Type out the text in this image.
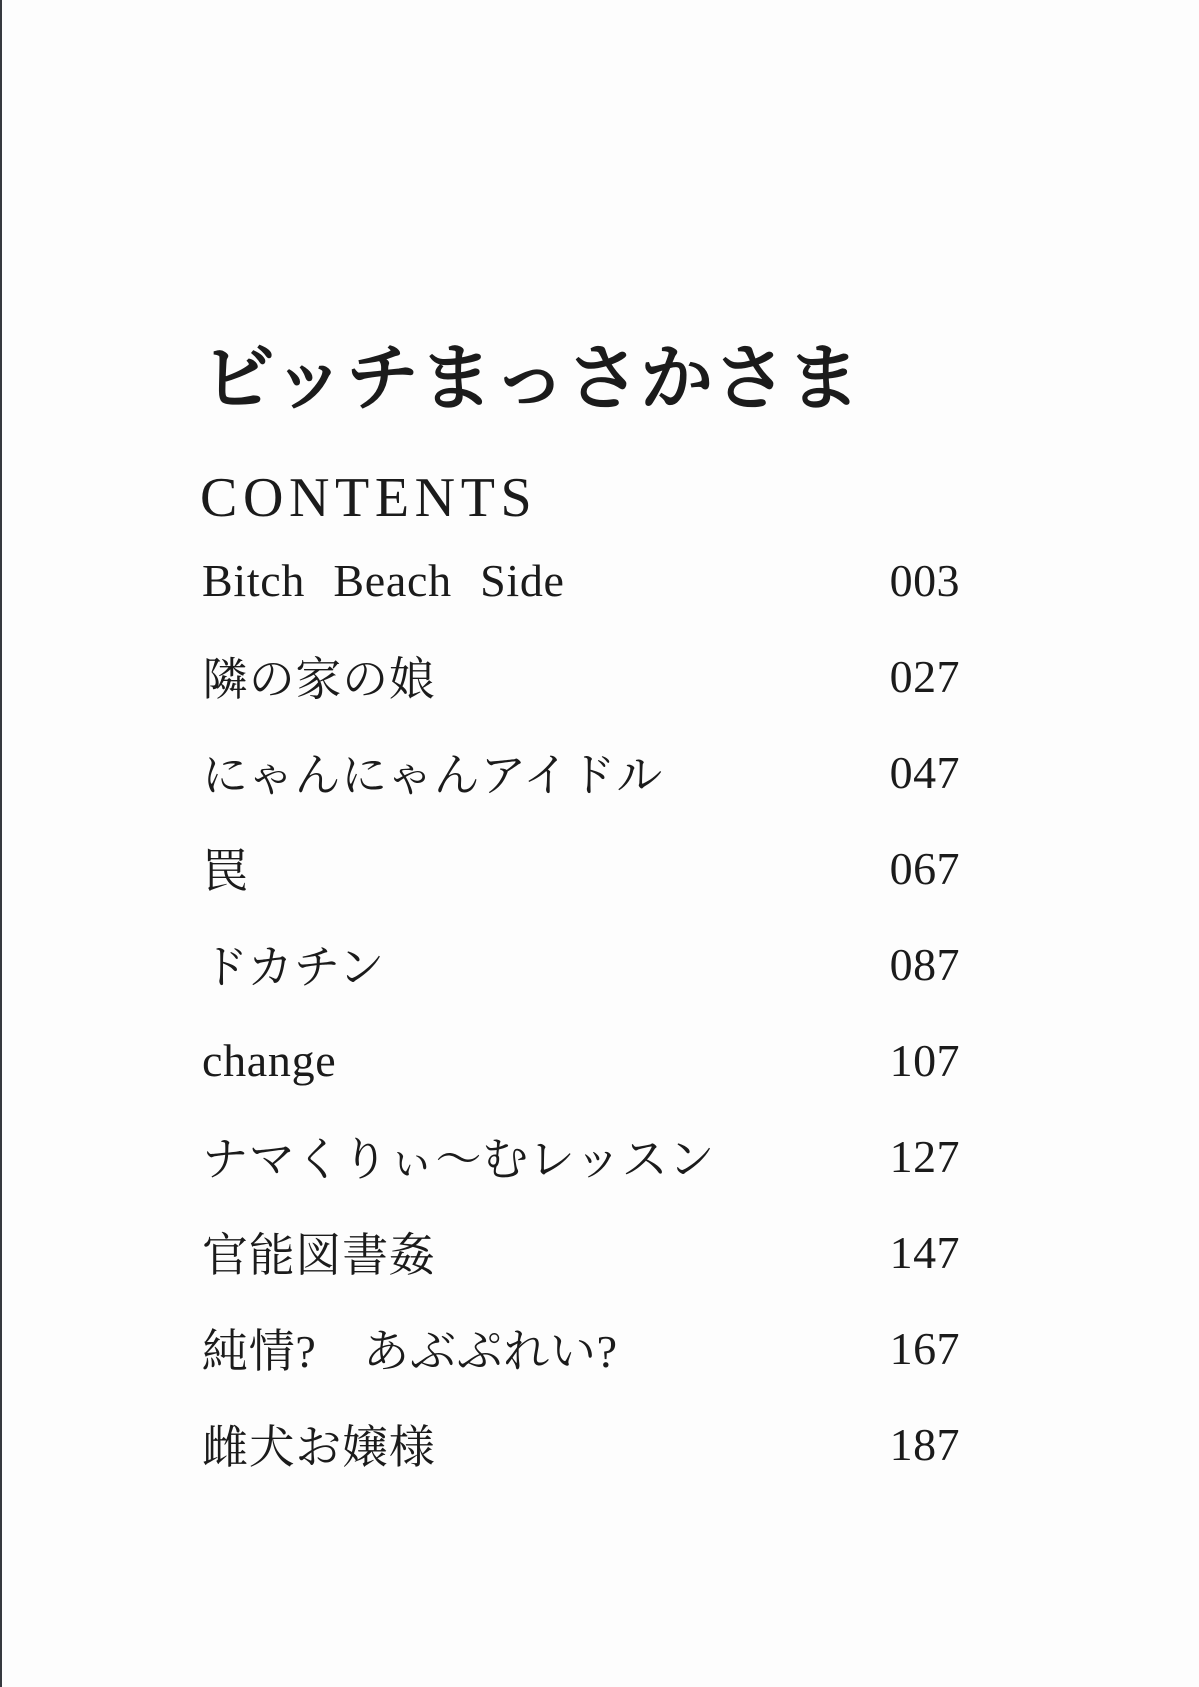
ビッチまっさかさま
CONTENTS
Bitch Beach Side	003
隣の家の娘	027
にゃんにゃんアイドル	047
罠	067
ドカチン	087
change	107
ナマくりぃ〜むレッスン	127
官能図書姦	147
純情?　あぶぷれい?	167
雌犬お嬢様	187
